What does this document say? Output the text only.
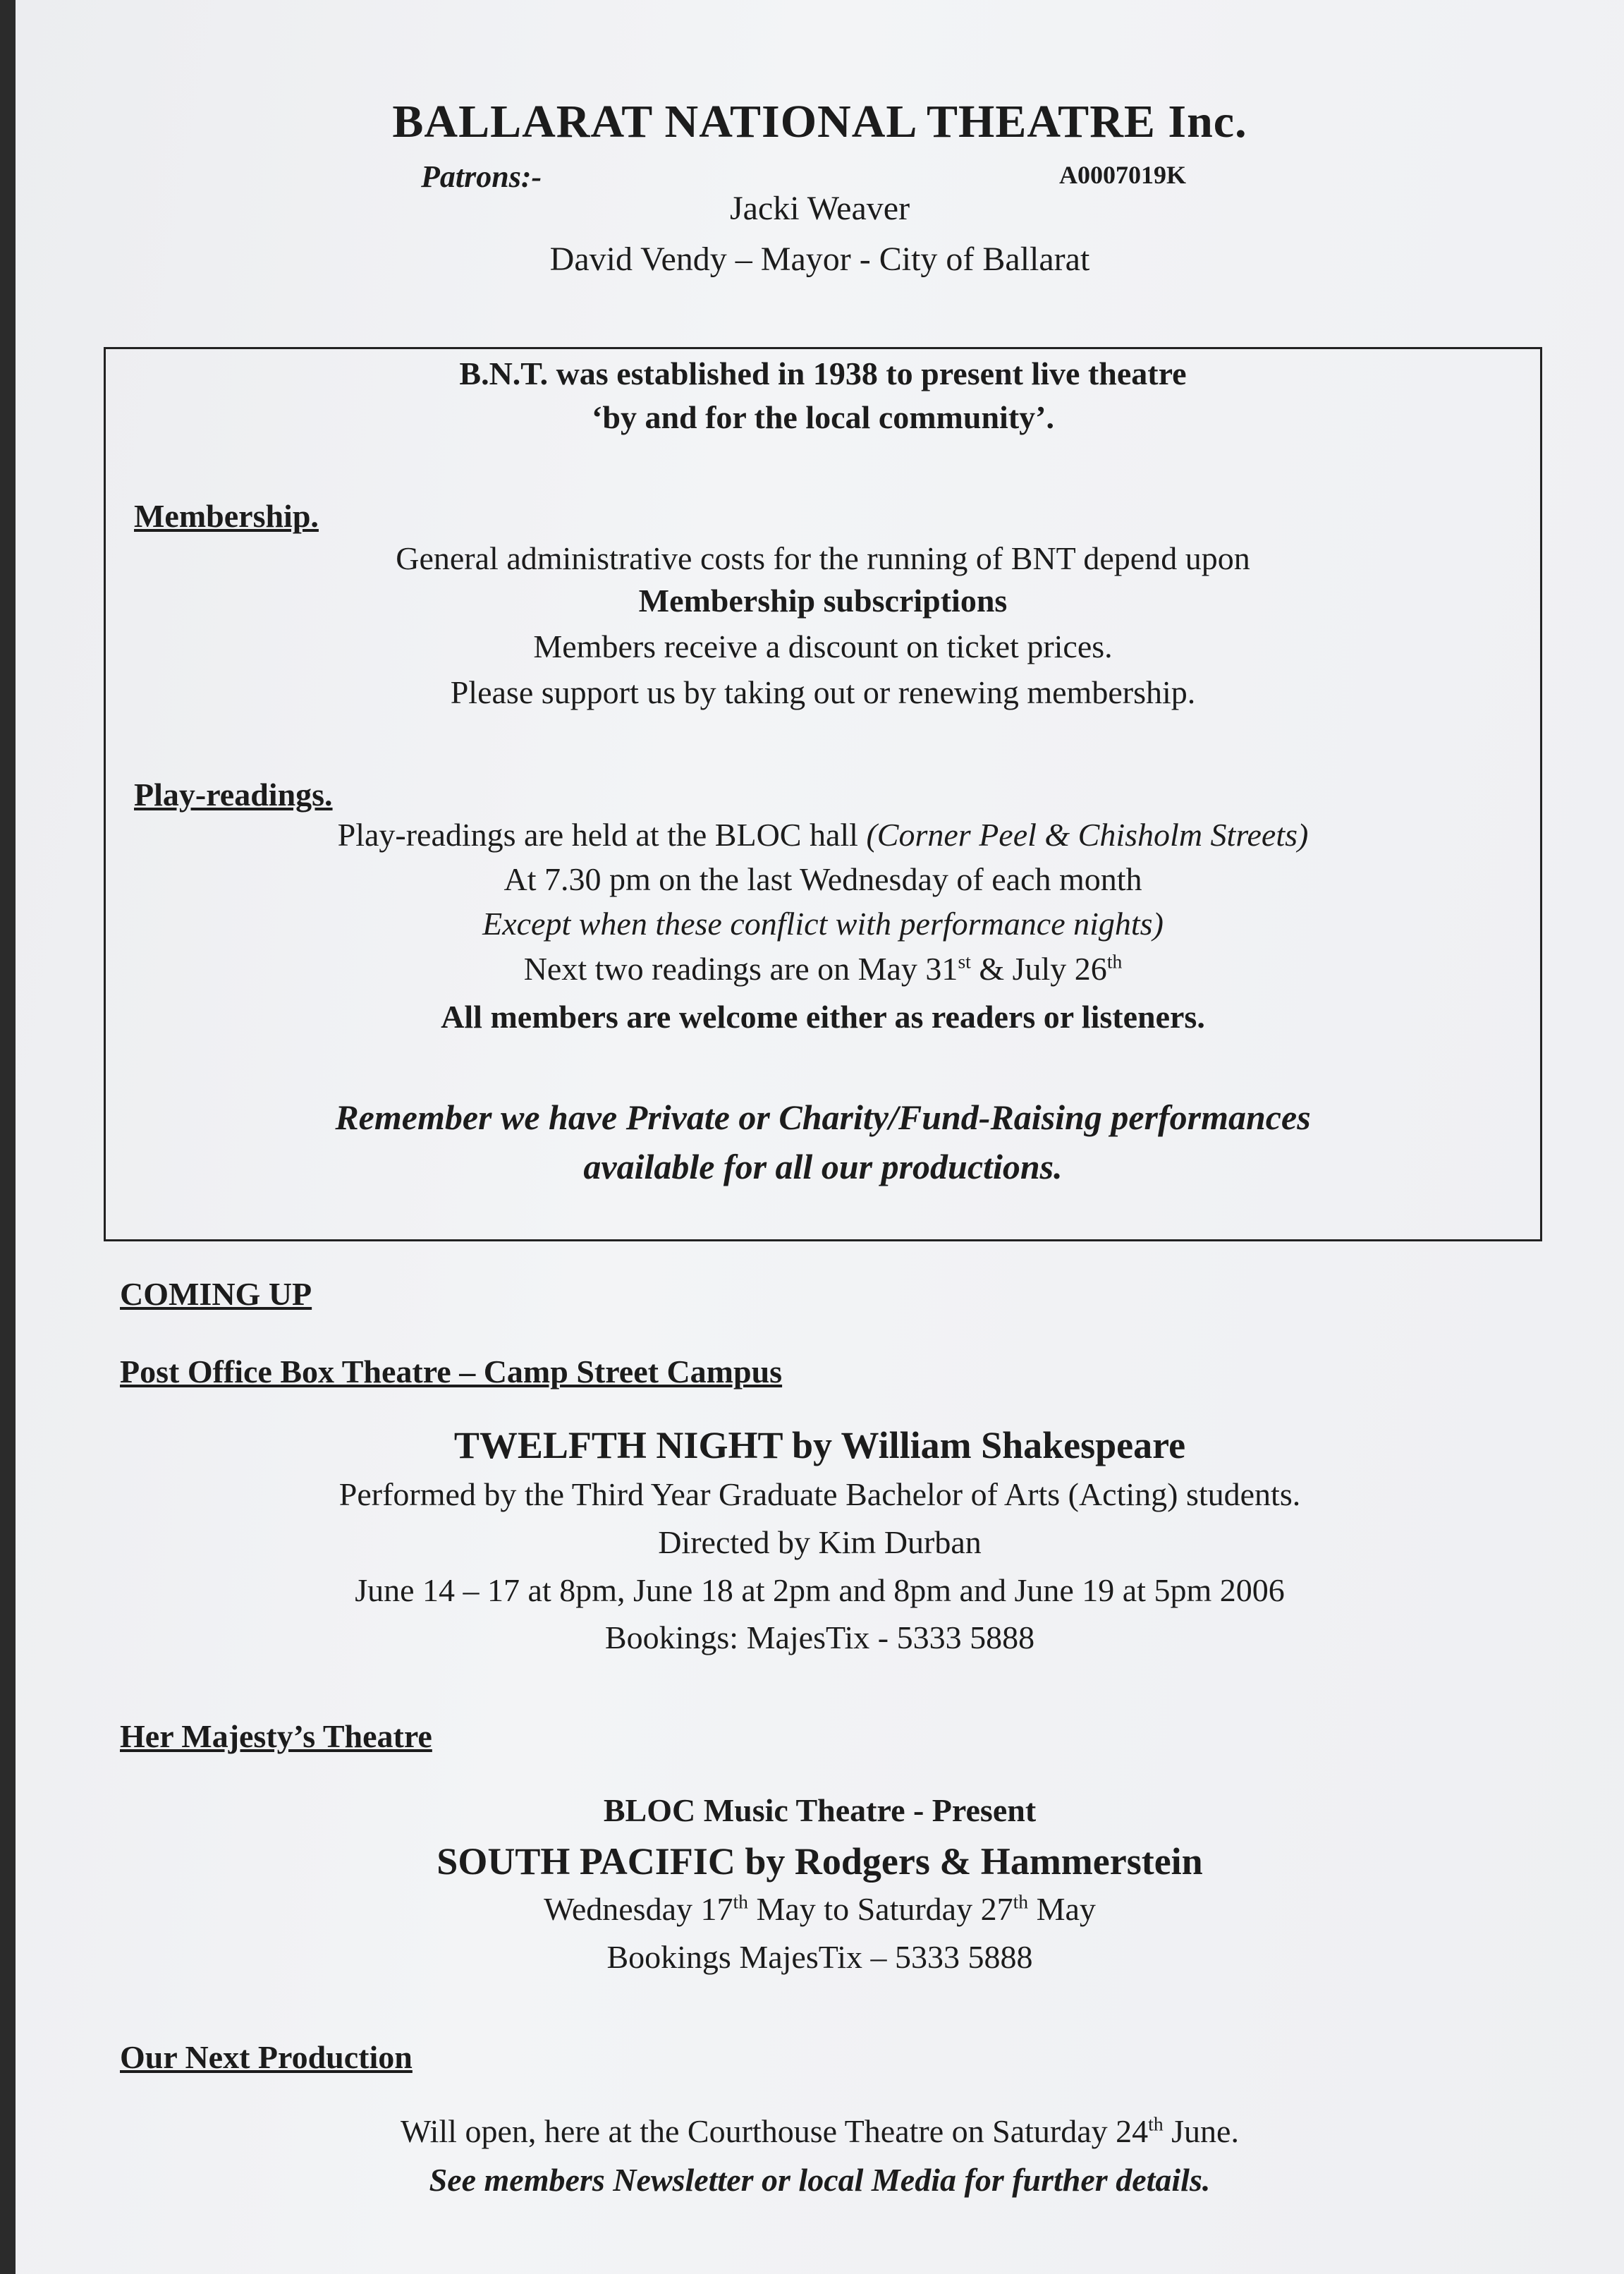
BALLARAT NATIONAL THEATRE Inc.
Patrons:-	A0007019K
Jacki Weaver
David Vendy – Mayor - City of Ballarat
B.N.T. was established in 1938 to present live theatre
‘by and for the local community’.
Membership.
General administrative costs for the running of BNT depend upon
Membership subscriptions
Members receive a discount on ticket prices.
Please support us by taking out or renewing membership.
Play-readings.
Play-readings are held at the BLOC hall (Corner Peel & Chisholm Streets)
At 7.30 pm on the last Wednesday of each month
Except when these conflict with performance nights)
Next two readings are on May 31st & July 26th
All members are welcome either as readers or listeners.
Remember we have Private or Charity/Fund-Raising performances
available for all our productions.
COMING UP
Post Office Box Theatre – Camp Street Campus
TWELFTH NIGHT by William Shakespeare
Performed by the Third Year Graduate Bachelor of Arts (Acting) students.
Directed by Kim Durban
June 14 – 17 at 8pm, June 18 at 2pm and 8pm and June 19 at 5pm 2006
Bookings: MajesTix - 5333 5888
Her Majesty’s Theatre
BLOC Music Theatre - Present
SOUTH PACIFIC by Rodgers & Hammerstein
Wednesday 17th May to Saturday 27th May
Bookings MajesTix – 5333 5888
Our Next Production
Will open, here at the Courthouse Theatre on Saturday 24th June.
See members Newsletter or local Media for further details.
